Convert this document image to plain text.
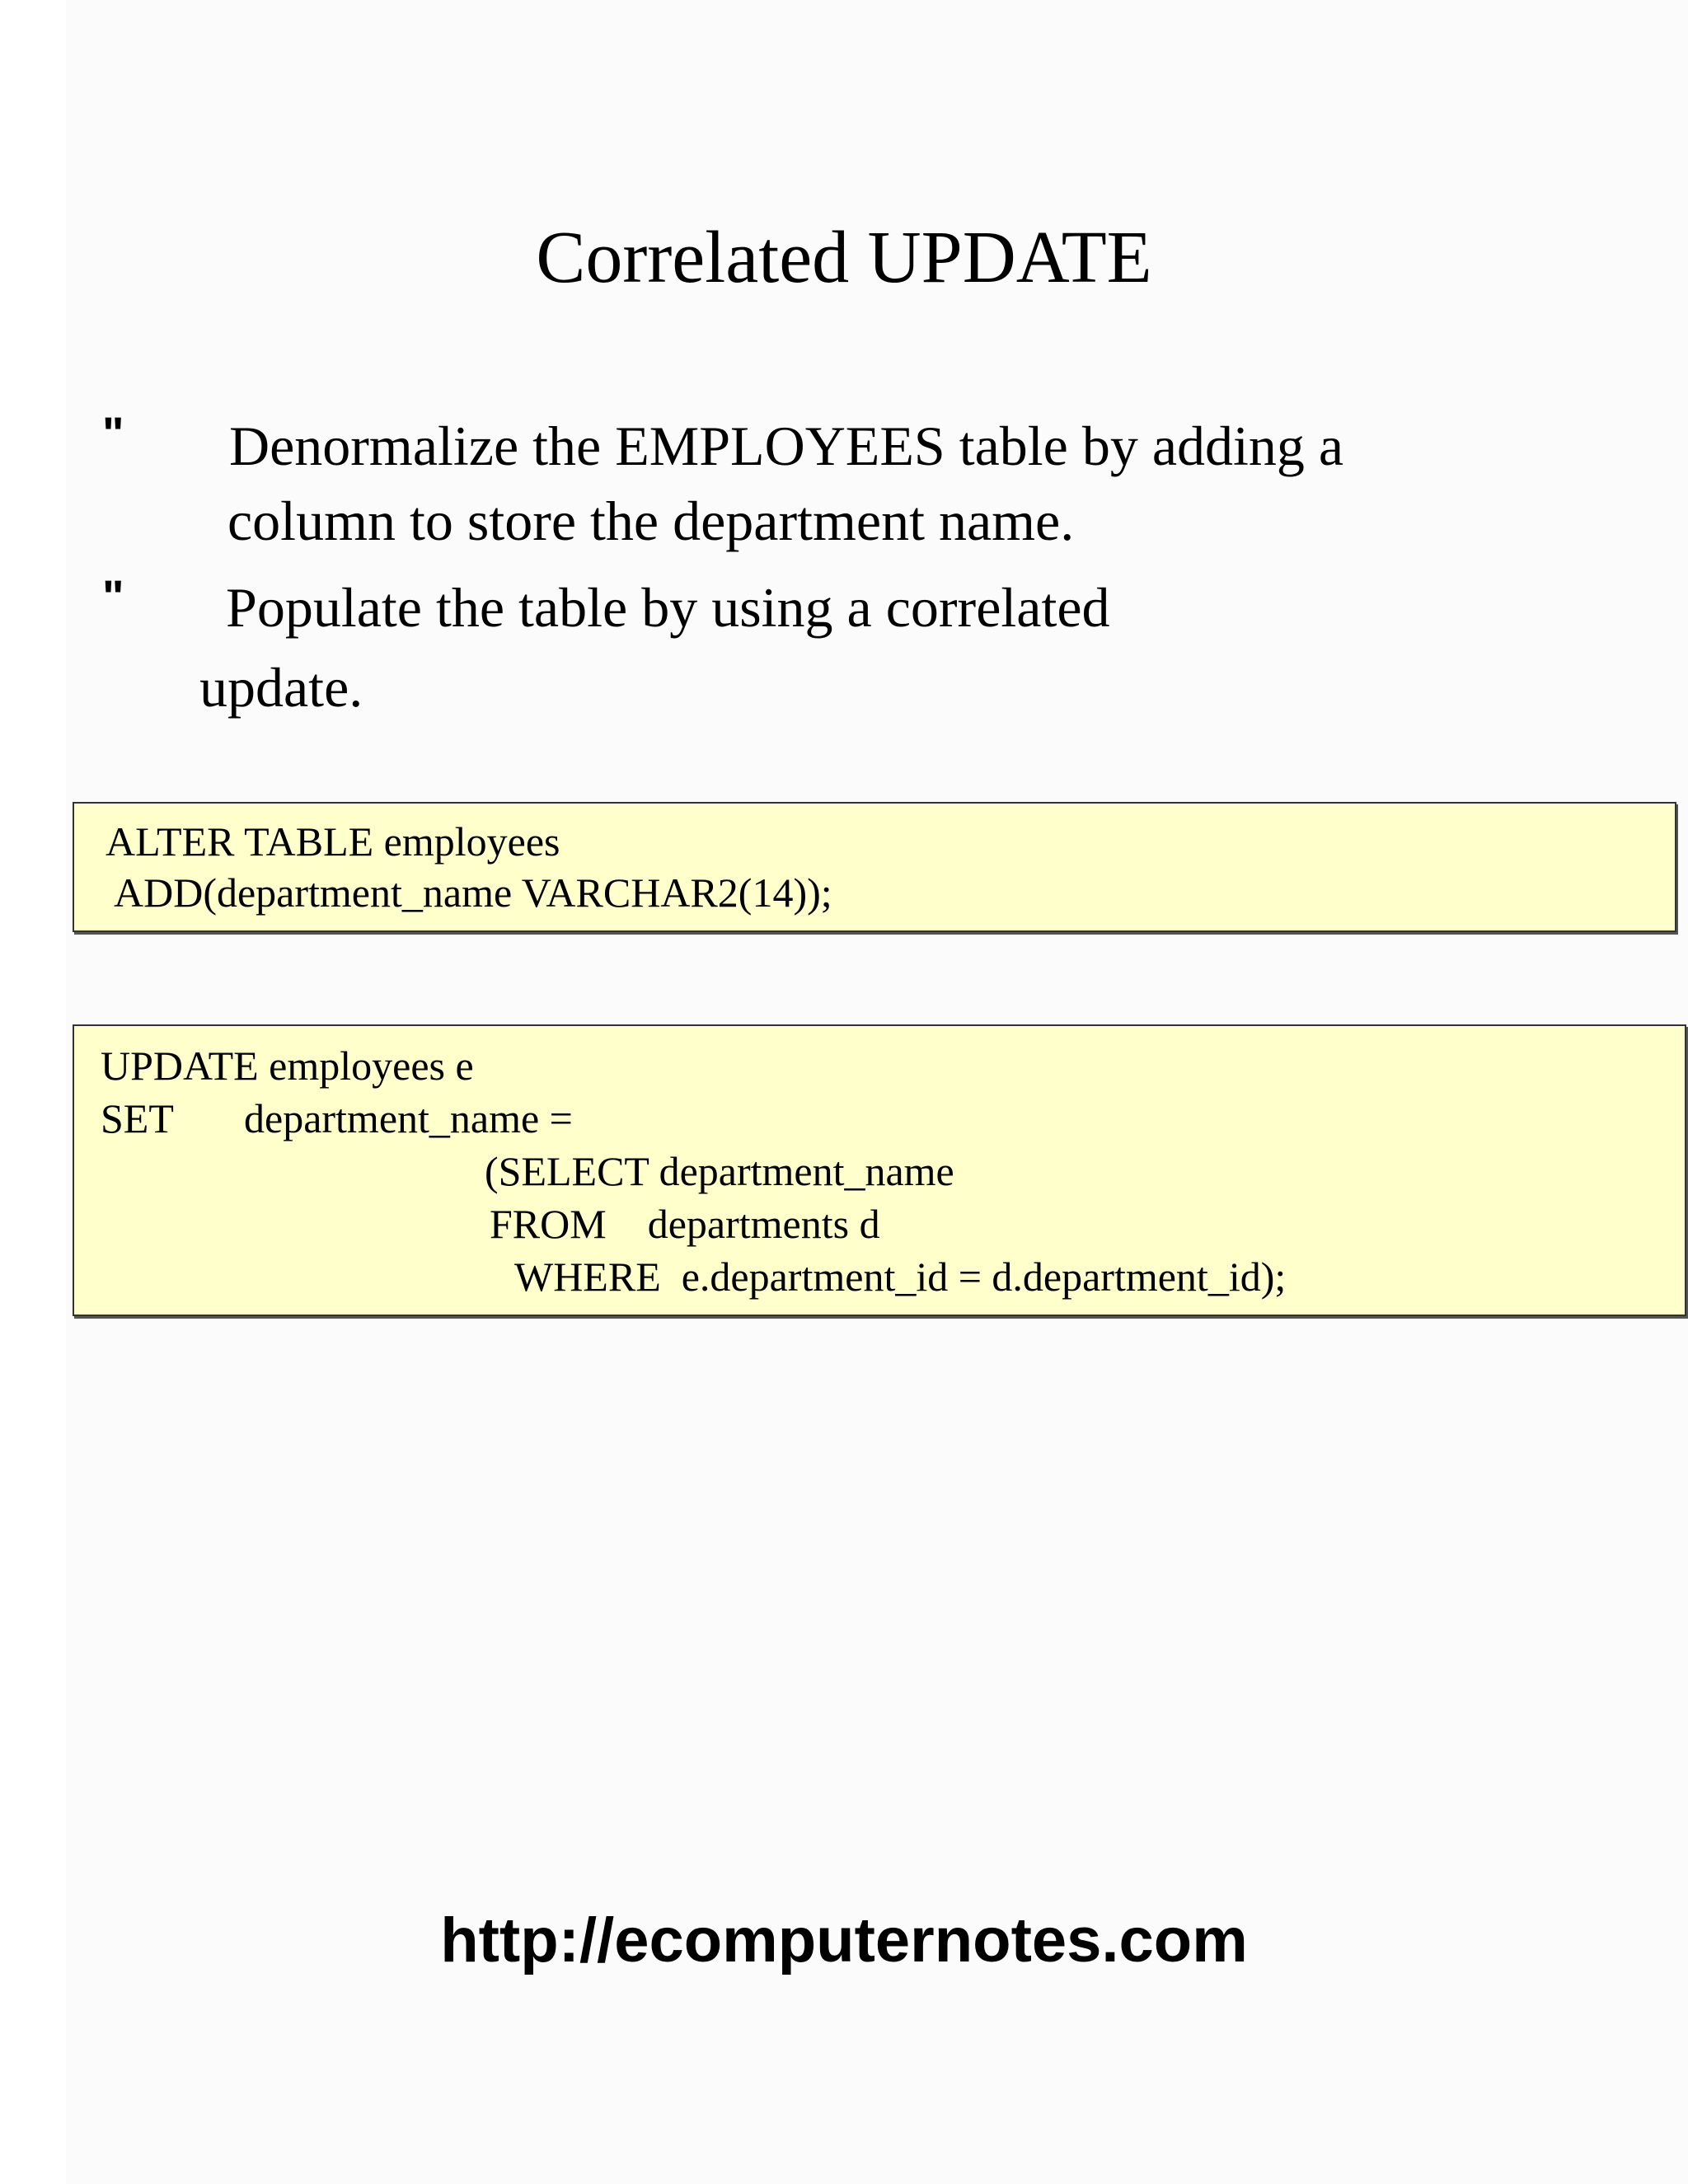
Correlated UPDATE
" Denormalize the EMPLOYEES table by adding a
column to store the department name.
" Populate the table by using a correlated
update.
ALTER TABLE employees
ADD(department_name VARCHAR2(14));
UPDATE employees e
SET department_name =
(SELECT department_name
FROM    departments d
WHERE  e.department_id = d.department_id);
http://ecomputernotes.com
